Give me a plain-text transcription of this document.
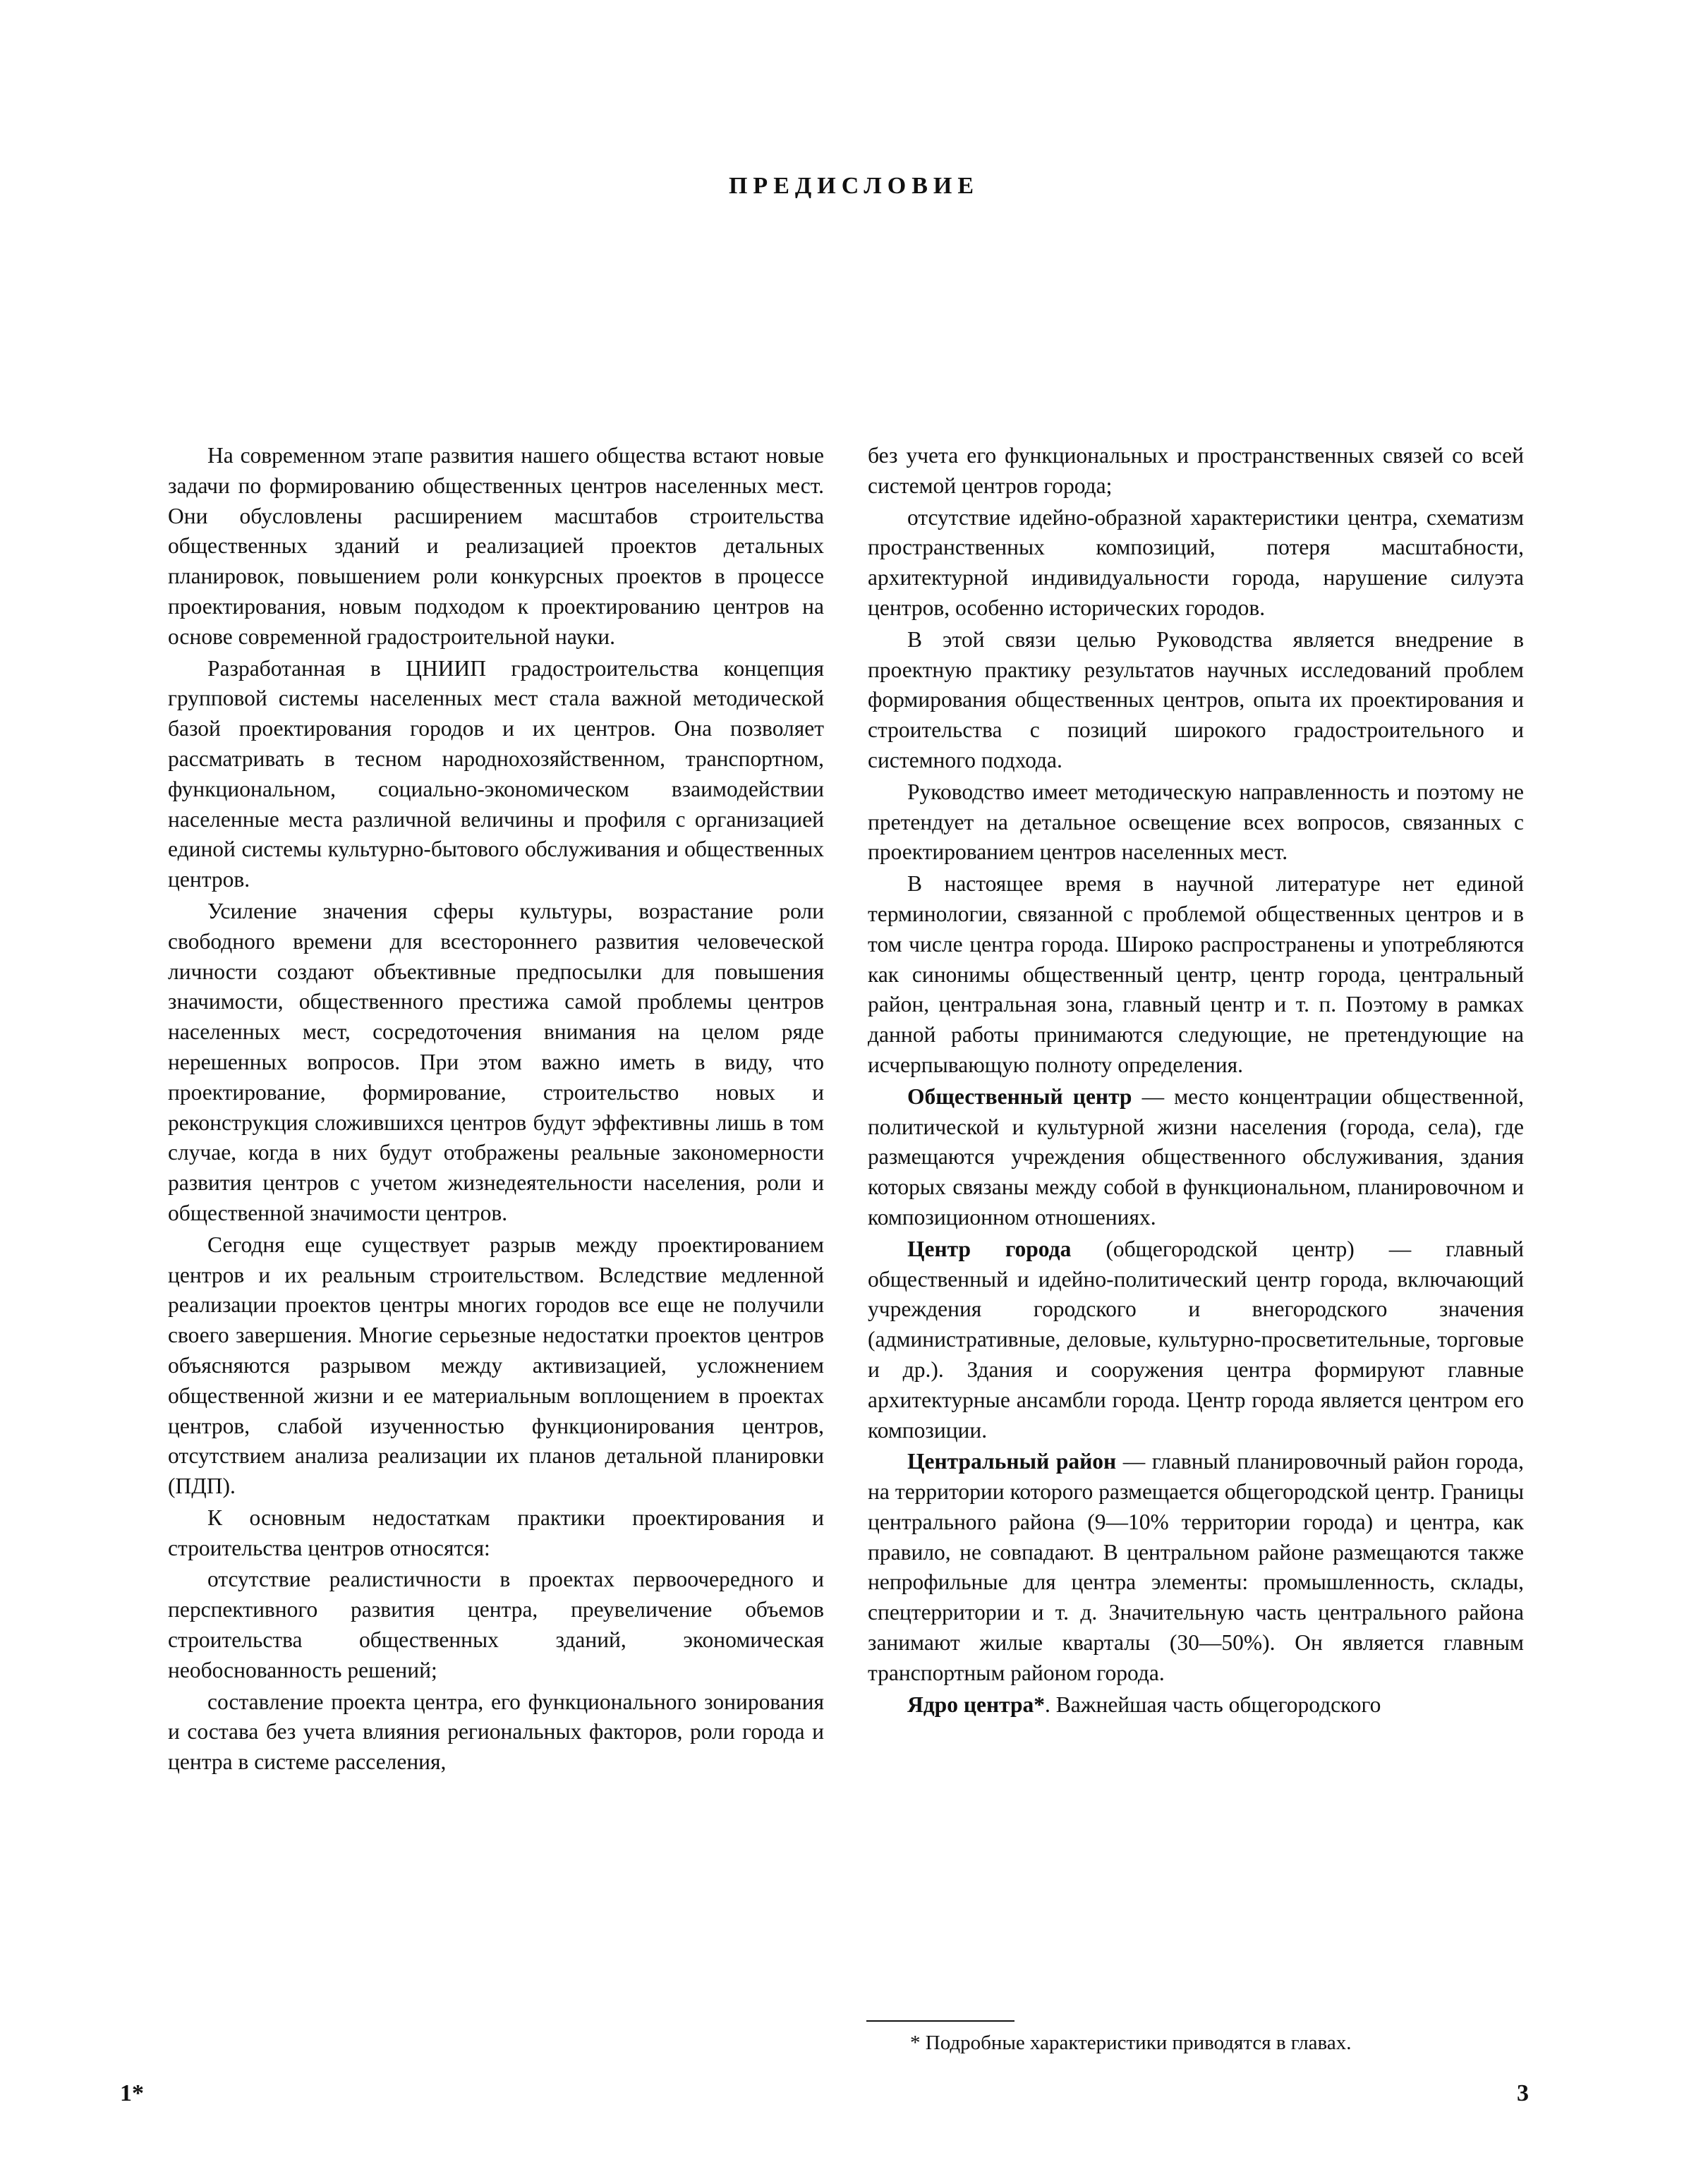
ПРЕДИСЛОВИЕ

На современном этапе развития нашего общества встают новые задачи по формированию общественных центров населенных мест. Они обусловлены расширением масштабов строительства общественных зданий и реализацией проектов детальных планировок, повышением роли конкурсных проектов в процессе проектирования, новым подходом к проектированию центров на основе современной градостроительной науки.

Разработанная в ЦНИИП градостроительства концепция групповой системы населенных мест стала важной методической базой проектирования городов и их центров. Она позволяет рассматривать в тесном народнохозяйственном, транспортном, функциональном, социально-экономическом взаимодействии населенные места различной величины и профиля с организацией единой системы культурно-бытового обслуживания и общественных центров.

Усиление значения сферы культуры, возрастание роли свободного времени для всестороннего развития человеческой личности создают объективные предпосылки для повышения значимости, общественного престижа самой проблемы центров населенных мест, сосредоточения внимания на целом ряде нерешенных вопросов. При этом важно иметь в виду, что проектирование, формирование, строительство новых и реконструкция сложившихся центров будут эффективны лишь в том случае, когда в них будут отображены реальные закономерности развития центров с учетом жизнедеятельности населения, роли и общественной значимости центров.

Сегодня еще существует разрыв между проектированием центров и их реальным строительством. Вследствие медленной реализации проектов центры многих городов все еще не получили своего завершения. Многие серьезные недостатки проектов центров объясняются разрывом между активизацией, усложнением общественной жизни и ее материальным воплощением в проектах центров, слабой изученностью функционирования центров, отсутствием анализа реализации их планов детальной планировки (ПДП).

К основным недостаткам практики проектирования и строительства центров относятся:

отсутствие реалистичности в проектах первоочередного и перспективного развития центра, преувеличение объемов строительства общественных зданий, экономическая необоснованность решений;

составление проекта центра, его функционального зонирования и состава без учета влияния региональных факторов, роли города и центра в системе расселения,

без учета его функциональных и пространственных связей со всей системой центров города;

отсутствие идейно-образной характеристики центра, схематизм пространственных композиций, потеря масштабности, архитектурной индивидуальности города, нарушение силуэта центров, особенно исторических городов.

В этой связи целью Руководства является внедрение в проектную практику результатов научных исследований проблем формирования общественных центров, опыта их проектирования и строительства с позиций широкого градостроительного и системного подхода.

Руководство имеет методическую направленность и поэтому не претендует на детальное освещение всех вопросов, связанных с проектированием центров населенных мест.

В настоящее время в научной литературе нет единой терминологии, связанной с проблемой общественных центров и в том числе центра города. Широко распространены и употребляются как синонимы общественный центр, центр города, центральный район, центральная зона, главный центр и т. п. Поэтому в рамках данной работы принимаются следующие, не претендующие на исчерпывающую полноту определения.

Общественный центр — место концентрации общественной, политической и культурной жизни населения (города, села), где размещаются учреждения общественного обслуживания, здания которых связаны между собой в функциональном, планировочном и композиционном отношениях.

Центр города (общегородской центр) — главный общественный и идейно-политический центр города, включающий учреждения городского и внегородского значения (административные, деловые, культурно-просветительные, торговые и др.). Здания и сооружения центра формируют главные архитектурные ансамбли города. Центр города является центром его композиции.

Центральный район — главный планировочный район города, на территории которого размещается общегородской центр. Границы центрального района (9—10% территории города) и центра, как правило, не совпадают. В центральном районе размещаются также непрофильные для центра элементы: промышленность, склады, спецтерритории и т. д. Значительную часть центрального района занимают жилые кварталы (30—50%). Он является главным транспортным районом города.

Ядро центра*. Важнейшая часть общегородского

* Подробные характеристики приводятся в главах.
1*	3
